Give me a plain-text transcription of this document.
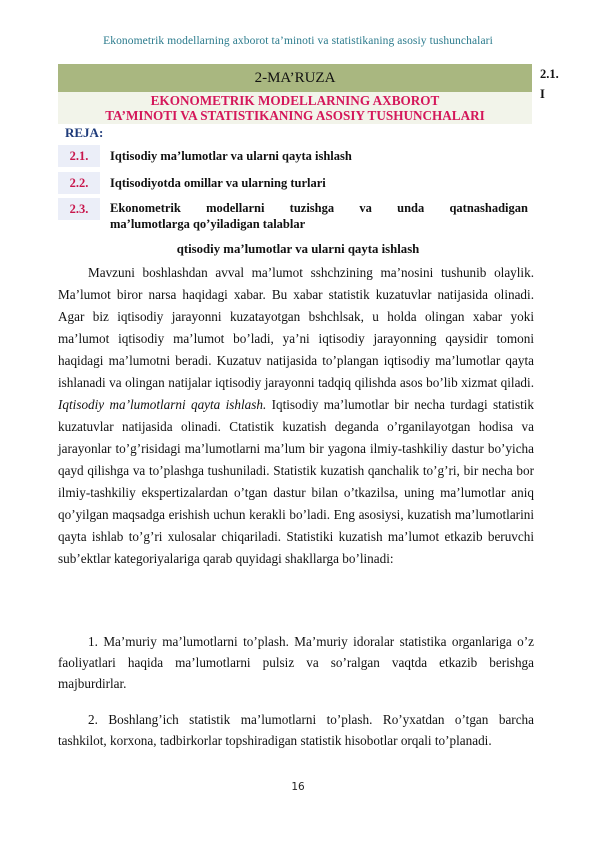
Ekonometrik modellarning axborot ta’minoti va statistikaning asosiy tushunchalari
2.1.
I
2-MA’RUZA
EKONOMETRIK MODELLARNING AXBOROT
TA’MINOTI VA STATISTIKANING ASOSIY TUSHUNCHALARI
REJA:
2.1.	Iqtisodiy ma’lumotlar va ularni qayta ishlash
2.2.	Iqtisodiyotda omillar va ularning turlari
2.3.	Ekonometrik modellarni tuzishga va unda qatnashadigan
ma’lumotlarga qo’yiladigan talablar
qtisodiy ma’lumotlar va ularni qayta ishlash

Mavzuni boshlashdan avval ma’lumot sshchzining ma’nosini tushunib olaylik. Ma’lumot biror narsa haqidagi xabar. Bu xabar statistik kuzatuvlar natijasida olinadi. Agar biz iqtisodiy jarayonni kuzatayotgan bshchlsak, u holda olingan xabar yoki ma’lumot iqtisodiy ma’lumot bo’ladi, ya’ni iqtisodiy jarayonning qaysidir tomoni haqidagi ma’lumotni beradi. Kuzatuv natijasida to’plangan iqtisodiy ma’lumotlar qayta ishlanadi va olingan natijalar iqtisodiy jarayonni tadqiq qilishda asos bo’lib xizmat qiladi. Iqtisodiy ma’lumotlarni qayta ishlash. Iqtisodiy ma’lumotlar bir necha turdagi statistik kuzatuvlar natijasida olinadi. Ctatistik kuzatish deganda o’rganilayotgan hodisa va jarayonlar to’g’risidagi ma’lumotlarni ma’lum bir yagona ilmiy-tashkiliy dastur bo’yicha qayd qilishga va to’plashga tushuniladi. Statistik kuzatish qanchalik to’g’ri, bir necha bor ilmiy-tashkiliy ekspertizalardan o’tgan dastur bilan o’tkazilsa, uning ma’lumotlar aniq qo’yilgan maqsadga erishish uchun kerakli bo’ladi. Eng asosiysi, kuzatish ma’lumotlarini qayta ishlab to’g’ri xulosalar chiqariladi. Statistiki kuzatish ma’lumot etkazib beruvchi sub’ektlar kategoriyalariga qarab quyidagi shakllarga bo’linadi:

1. Ma’muriy ma’lumotlarni to’plash. Ma’muriy idoralar statistika organlariga o’z faoliyatlari haqida ma’lumotlarni pulsiz va so’ralgan vaqtda etkazib berishga majburdirlar.

2. Boshlang’ich statistik ma’lumotlarni to’plash. Ro’yxatdan o’tgan barcha tashkilot, korxona, tadbirkorlar topshiradigan statistik hisobotlar orqali to’planadi.

16
